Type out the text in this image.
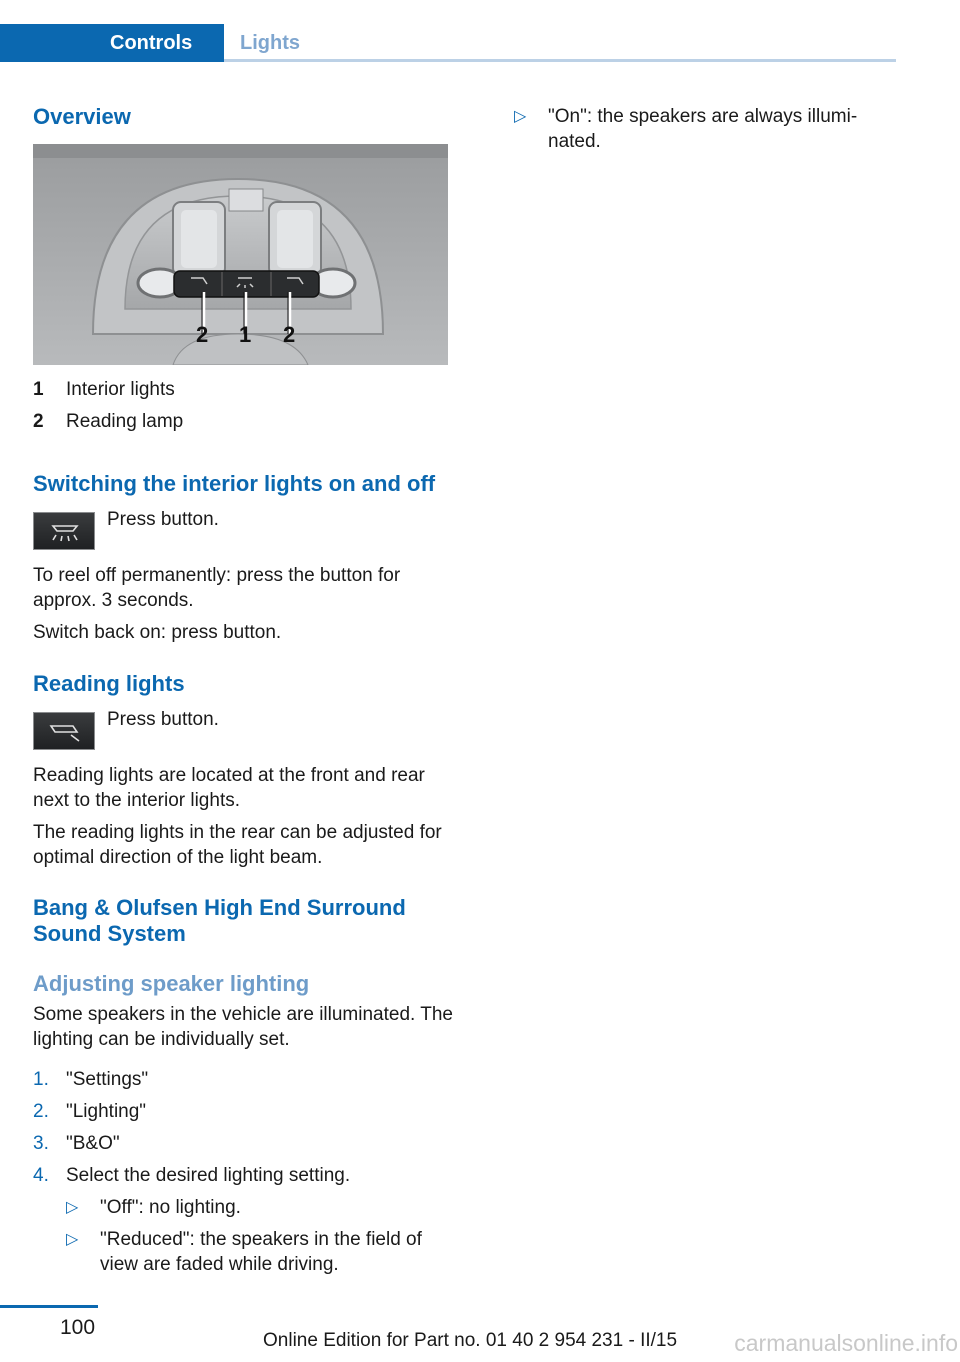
Controls	Lights
Overview
2 1 2
1 Interior lights
2 Reading lamp
Switching the interior lights on and off
Press button.
To reel off permanently: press the button for approx. 3 seconds.
Switch back on: press button.
Reading lights
Press button.
Reading lights are located at the front and rear next to the interior lights.
The reading lights in the rear can be adjusted for optimal direction of the light beam.
Bang & Olufsen High End Surround
Sound System
Adjusting speaker lighting
Some speakers in the vehicle are illuminated. The lighting can be individually set.
1. "Settings"
2. "Lighting"
3. "B&O"
4. Select the desired lighting setting.
▷ "Off": no lighting.
▷ "Reduced": the speakers in the field of view are faded while driving.
▷ "On": the speakers are always illuminated.
100
Online Edition for Part no. 01 40 2 954 231 - II/15 carmanualsonline.info
